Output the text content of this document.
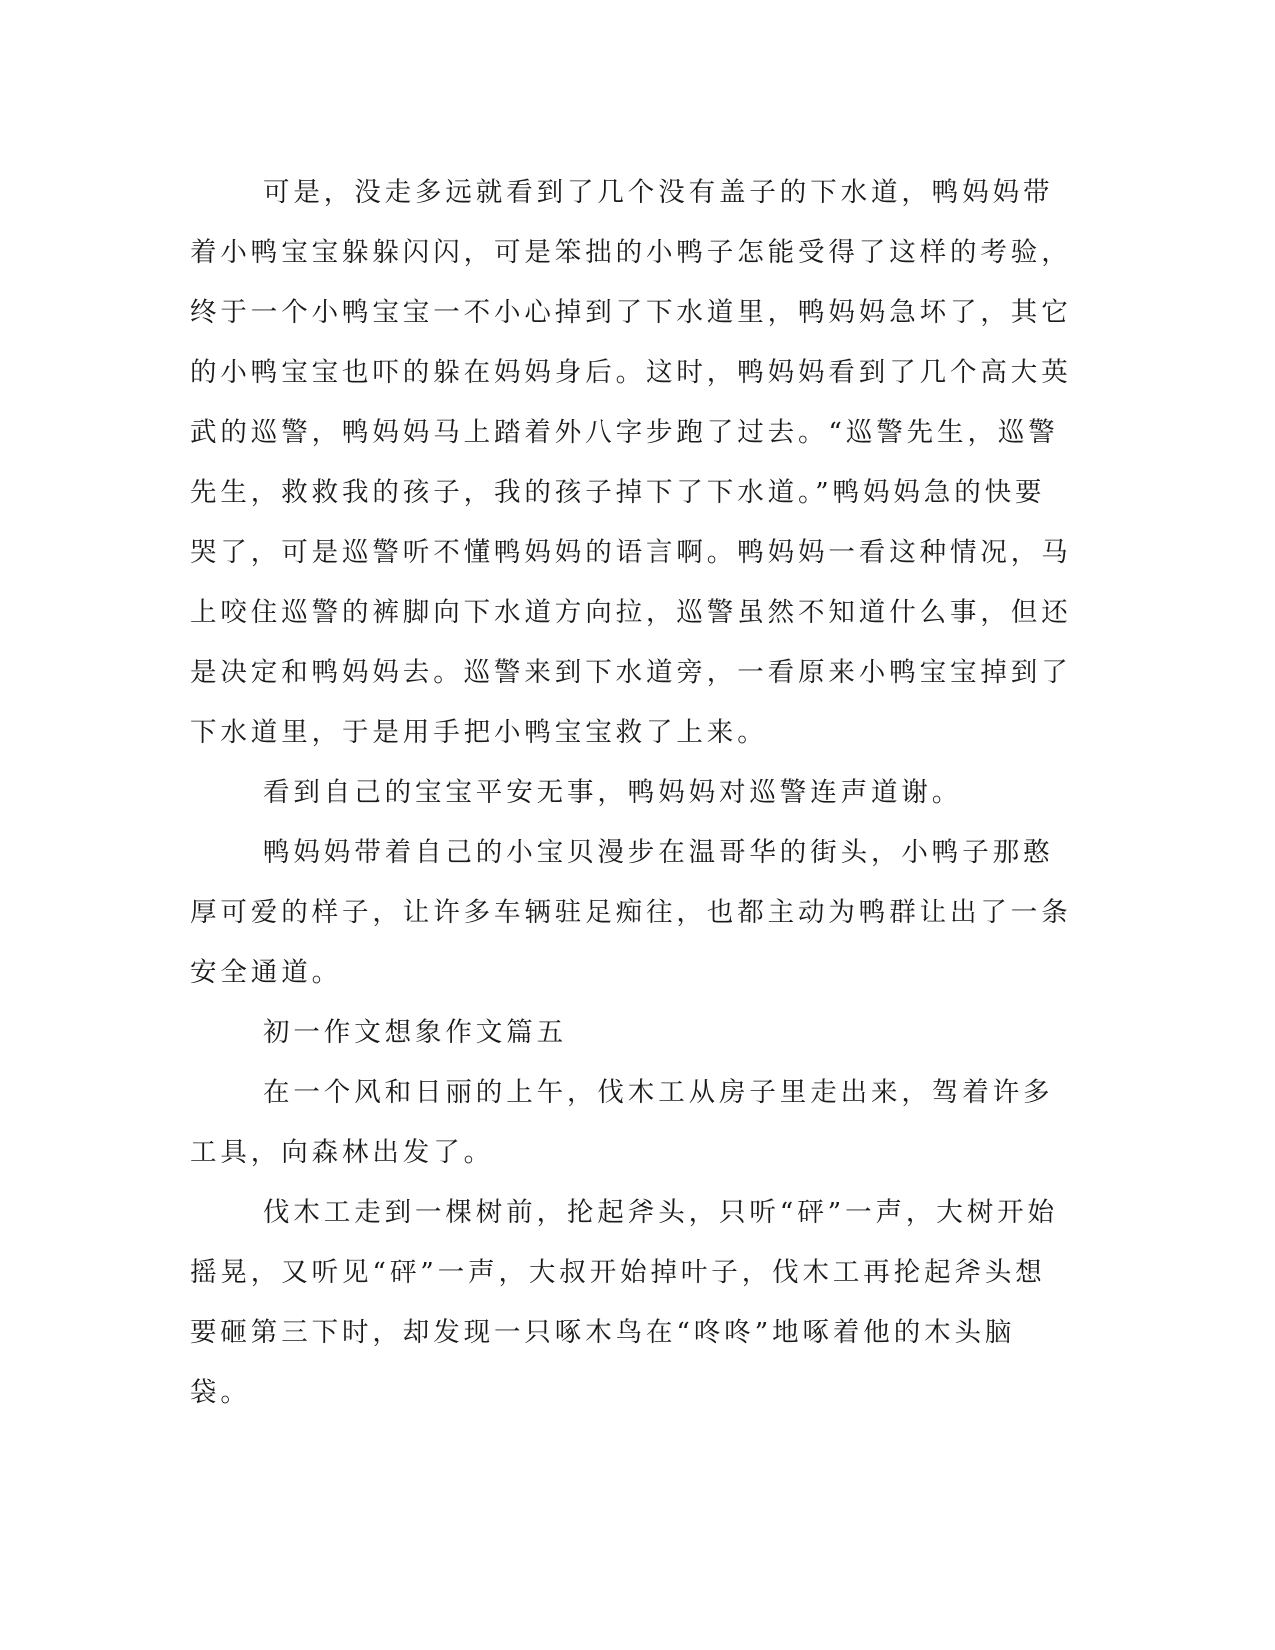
可是，没走多远就看到了几个没有盖子的下水道，鸭妈妈带着小鸭宝宝躲躲闪闪，可是笨拙的小鸭子怎能受得了这样的考验，终于一个小鸭宝宝一不小心掉到了下水道里，鸭妈妈急坏了，其它的小鸭宝宝也吓的躲在妈妈身后。这时，鸭妈妈看到了几个高大英武的巡警，鸭妈妈马上踏着外八字步跑了过去。“巡警先生，巡警先生，救救我的孩子，我的孩子掉下了下水道。”鸭妈妈急的快要哭了，可是巡警听不懂鸭妈妈的语言啊。鸭妈妈一看这种情况，马上咬住巡警的裤脚向下水道方向拉，巡警虽然不知道什么事，但还是决定和鸭妈妈去。巡警来到下水道旁，一看原来小鸭宝宝掉到了下水道里，于是用手把小鸭宝宝救了上来。

看到自己的宝宝平安无事，鸭妈妈对巡警连声道谢。

鸭妈妈带着自己的小宝贝漫步在温哥华的街头，小鸭子那憨厚可爱的样子，让许多车辆驻足痴往，也都主动为鸭群让出了一条安全通道。

初一作文想象作文篇五

在一个风和日丽的上午，伐木工从房子里走出来，驾着许多工具，向森林出发了。

伐木工走到一棵树前，抡起斧头，只听“砰”一声，大树开始摇晃，又听见“砰”一声，大叔开始掉叶子，伐木工再抡起斧头想要砸第三下时，却发现一只啄木鸟在“咚咚”地啄着他的木头脑袋。
